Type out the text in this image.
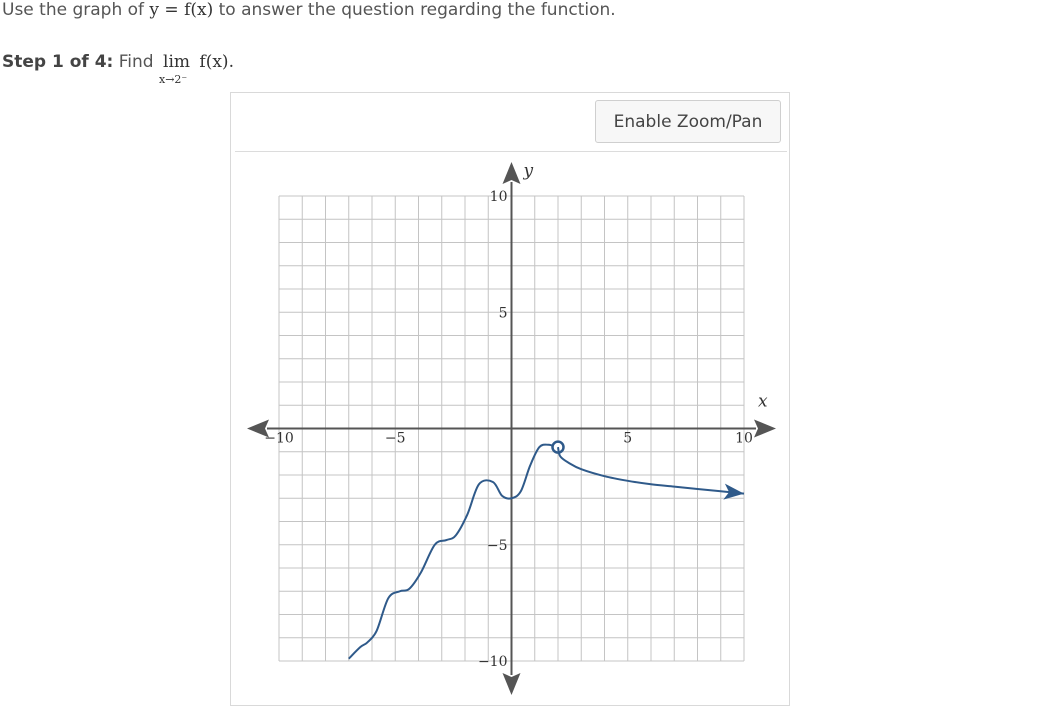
Use the graph of y = f(x) to answer the question regarding the function.
Step 1 of 4: Find lim
x→2⁻
f(x).
Enable Zoom/Pan
x
y
−10	−5	5	10
10
5
−5
−10
